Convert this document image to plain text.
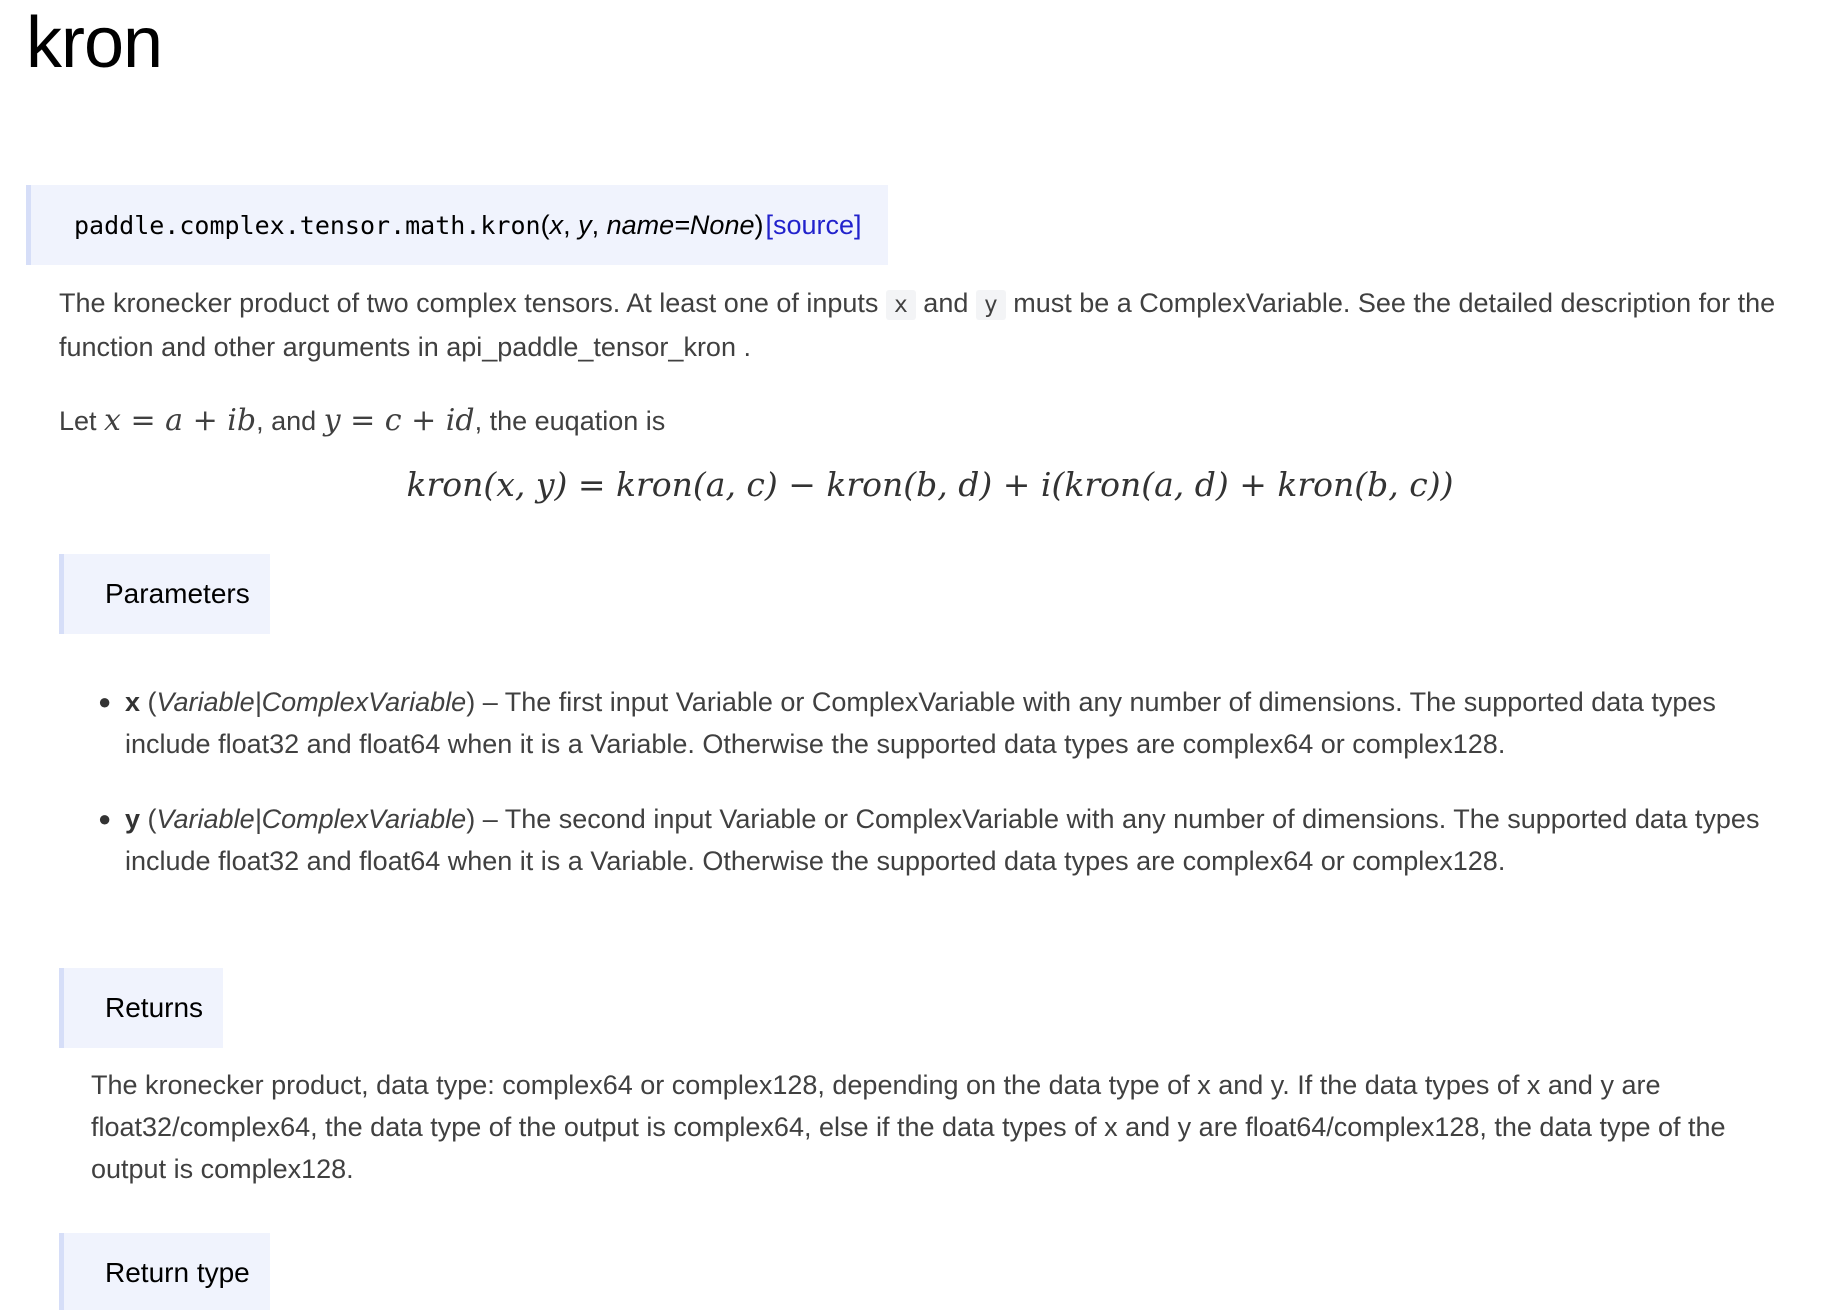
kron
paddle.complex.tensor.math.kron ( x , y , name=None ) [source]

The kronecker product of two complex tensors. At least one of inputs x and y must be a ComplexVariable. See the detailed description for the function and other arguments in api_paddle_tensor_kron .

Let x = a + ib, and y = c + id, the euqation is

kron(x, y) = kron(a, c) − kron(b, d) + i(kron(a, d) + kron(b, c))
Parameters
● x (Variable|ComplexVariable) – The first input Variable or ComplexVariable with any number of dimensions. The supported data types include float32 and float64 when it is a Variable. Otherwise the supported data types are complex64 or complex128.
● y (Variable|ComplexVariable) – The second input Variable or ComplexVariable with any number of dimensions. The supported data types include float32 and float64 when it is a Variable. Otherwise the supported data types are complex64 or complex128.
Returns

The kronecker product, data type: complex64 or complex128, depending on the data type of x and y. If the data types of x and y are float32/complex64, the data type of the output is complex64, else if the data types of x and y are float64/complex128, the data type of the output is complex128.

Return type
